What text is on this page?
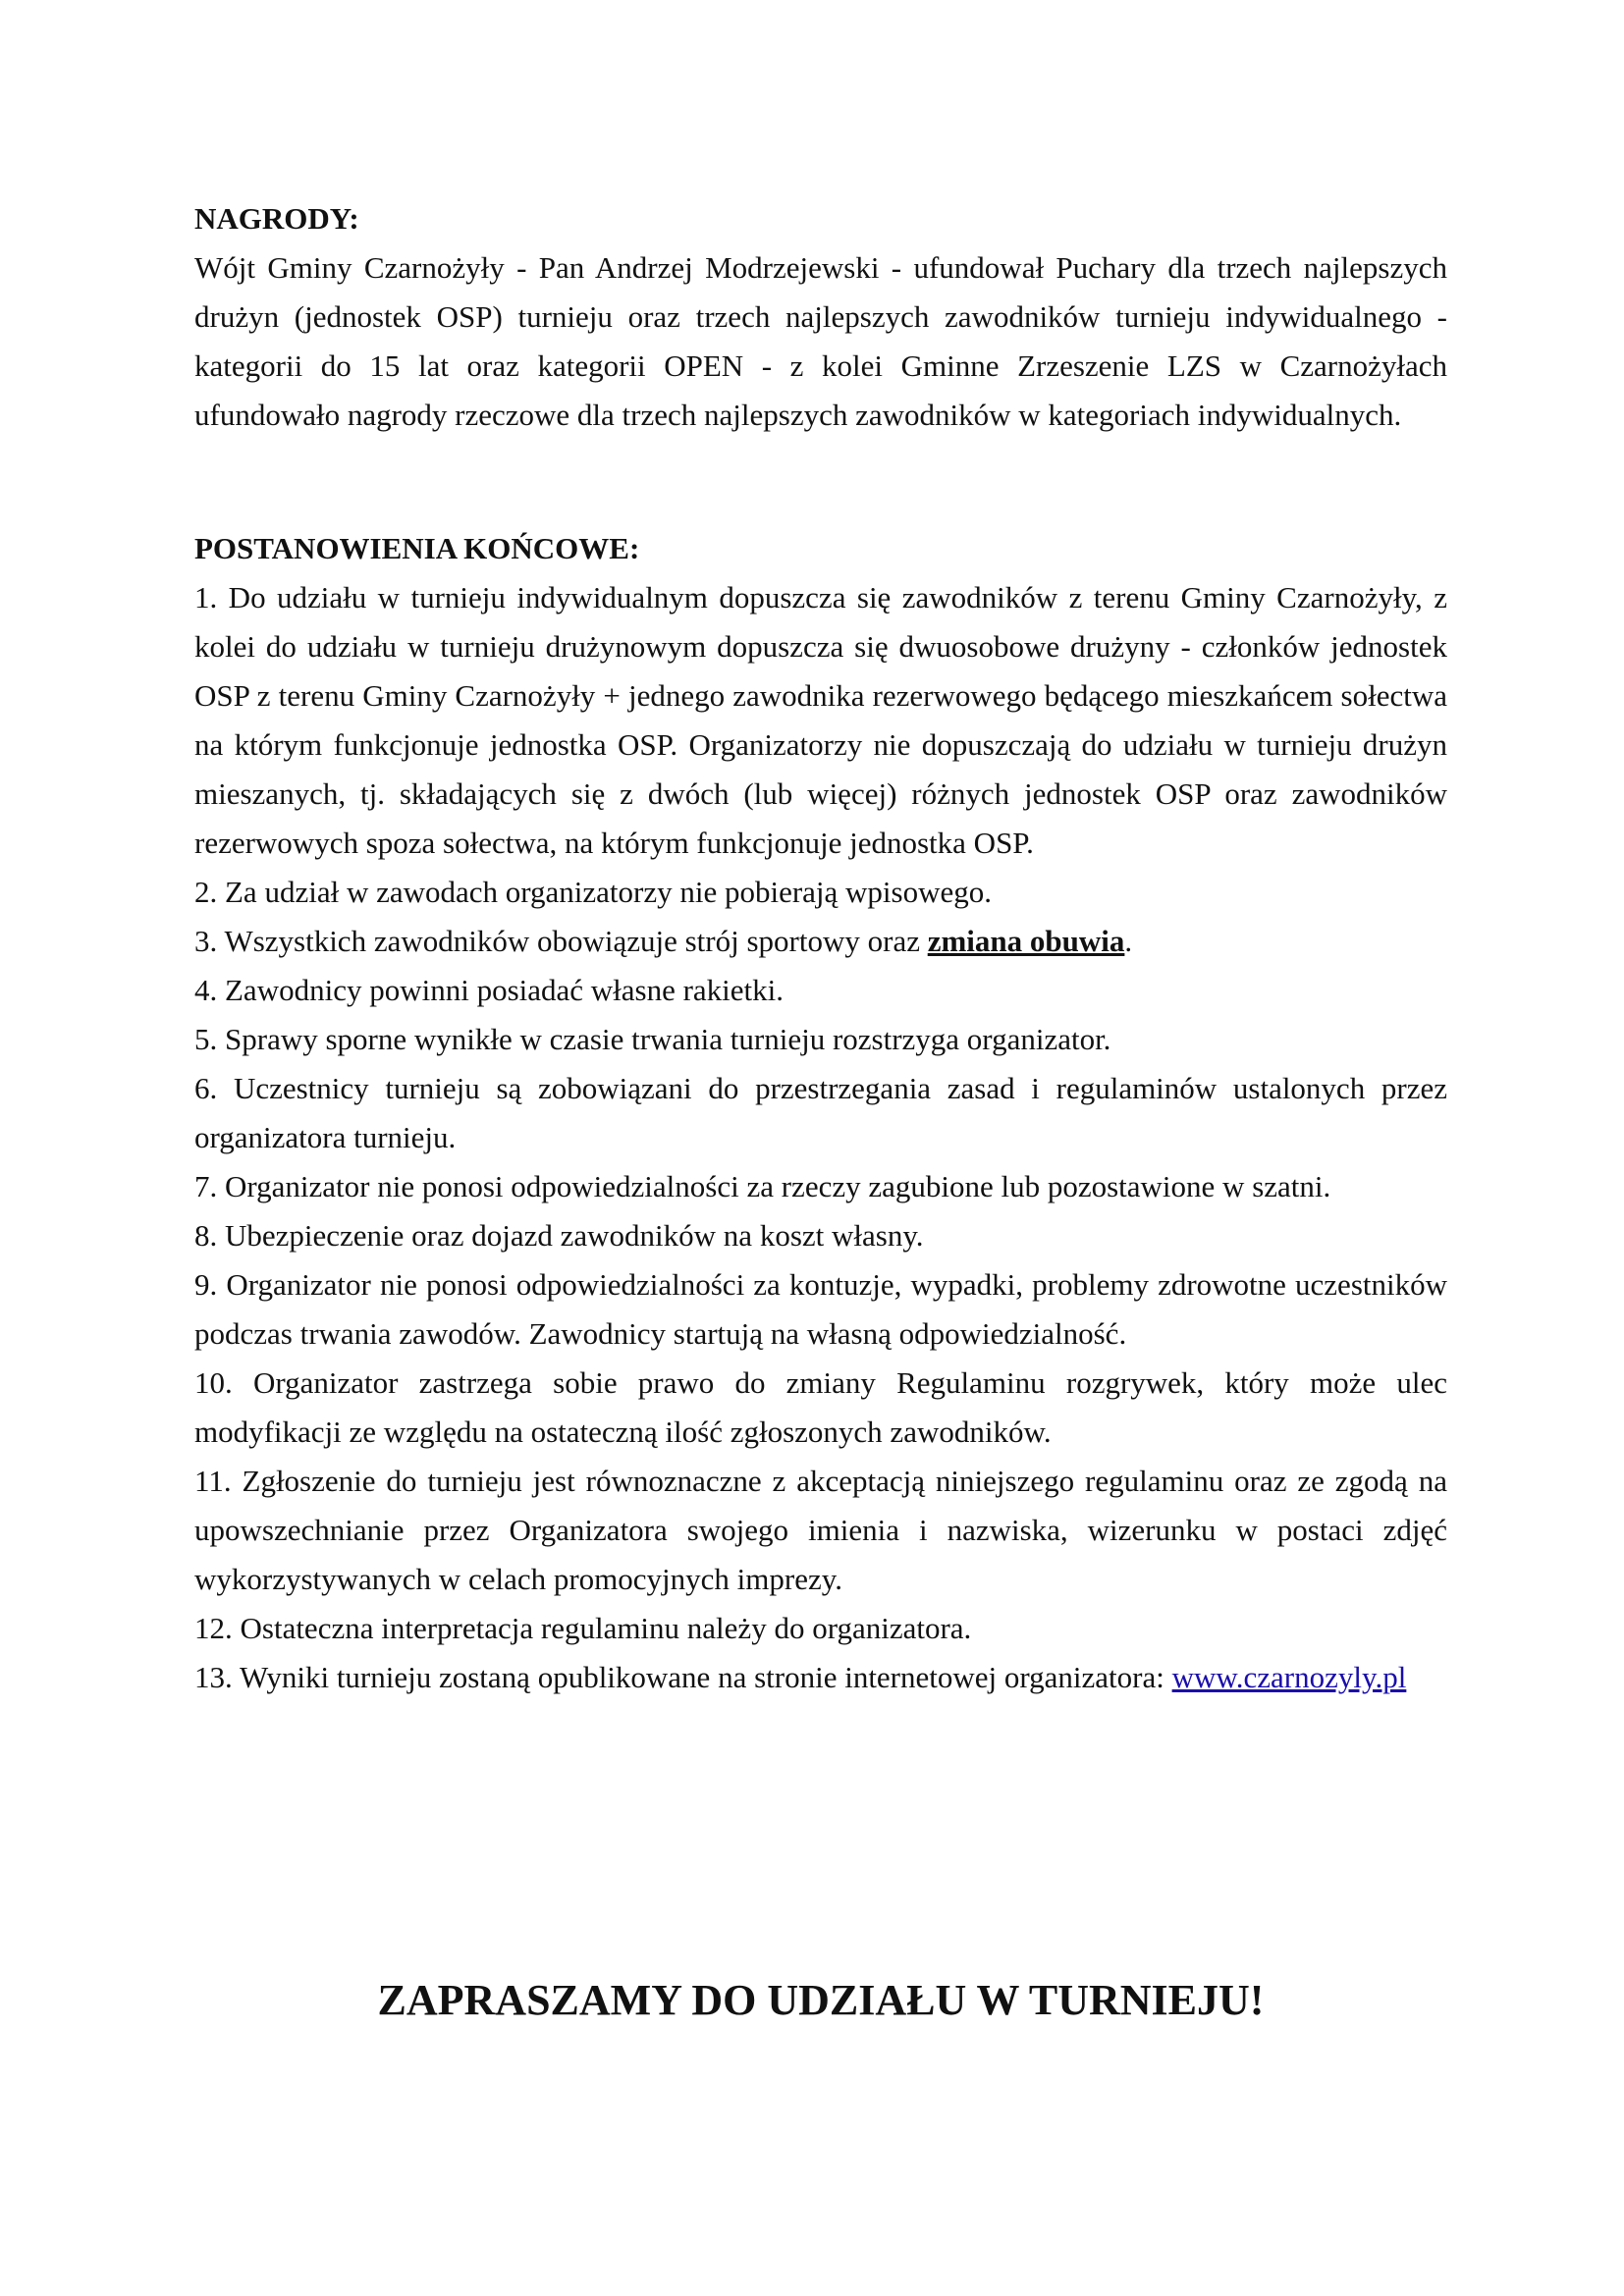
NAGRODY:

Wójt Gminy Czarnożyły - Pan Andrzej Modrzejewski - ufundował Puchary dla trzech najlepszych drużyn (jednostek OSP) turnieju oraz trzech najlepszych zawodników turnieju indywidualnego - kategorii do 15 lat oraz kategorii OPEN - z kolei Gminne Zrzeszenie LZS w Czarnożyłach ufundowało nagrody rzeczowe dla trzech najlepszych zawodników w kategoriach indywidualnych.

POSTANOWIENIA KOŃCOWE:

1. Do udziału w turnieju indywidualnym dopuszcza się zawodników z terenu Gminy Czarnożyły, z kolei do udziału w turnieju drużynowym dopuszcza się dwuosobowe drużyny - członków jednostek OSP z terenu Gminy Czarnożyły + jednego zawodnika rezerwowego będącego mieszkańcem sołectwa na którym funkcjonuje jednostka OSP. Organizatorzy nie dopuszczają do udziału w turnieju drużyn mieszanych, tj. składających się z dwóch (lub więcej) różnych jednostek OSP oraz zawodników rezerwowych spoza sołectwa, na którym funkcjonuje jednostka OSP.

2. Za udział w zawodach organizatorzy nie pobierają wpisowego.

3. Wszystkich zawodników obowiązuje strój sportowy oraz zmiana obuwia.

4. Zawodnicy powinni posiadać własne rakietki.

5. Sprawy sporne wynikłe w czasie trwania turnieju rozstrzyga organizator.

6. Uczestnicy turnieju są zobowiązani do przestrzegania zasad i regulaminów ustalonych przez organizatora turnieju.

7. Organizator nie ponosi odpowiedzialności za rzeczy zagubione lub pozostawione w szatni.

8. Ubezpieczenie oraz dojazd zawodników na koszt własny.

9. Organizator nie ponosi odpowiedzialności za kontuzje, wypadki, problemy zdrowotne uczestników podczas trwania zawodów. Zawodnicy startują na własną odpowiedzialność.

10. Organizator zastrzega sobie prawo do zmiany Regulaminu rozgrywek, który może ulec modyfikacji ze względu na ostateczną ilość zgłoszonych zawodników.

11. Zgłoszenie do turnieju jest równoznaczne z akceptacją niniejszego regulaminu oraz ze zgodą na upowszechnianie przez Organizatora swojego imienia i nazwiska, wizerunku w postaci zdjęć wykorzystywanych w celach promocyjnych imprezy.

12. Ostateczna interpretacja regulaminu należy do organizatora.

13. Wyniki turnieju zostaną opublikowane na stronie internetowej organizatora: www.czarnozyly.pl

ZAPRASZAMY DO UDZIAŁU W TURNIEJU!
